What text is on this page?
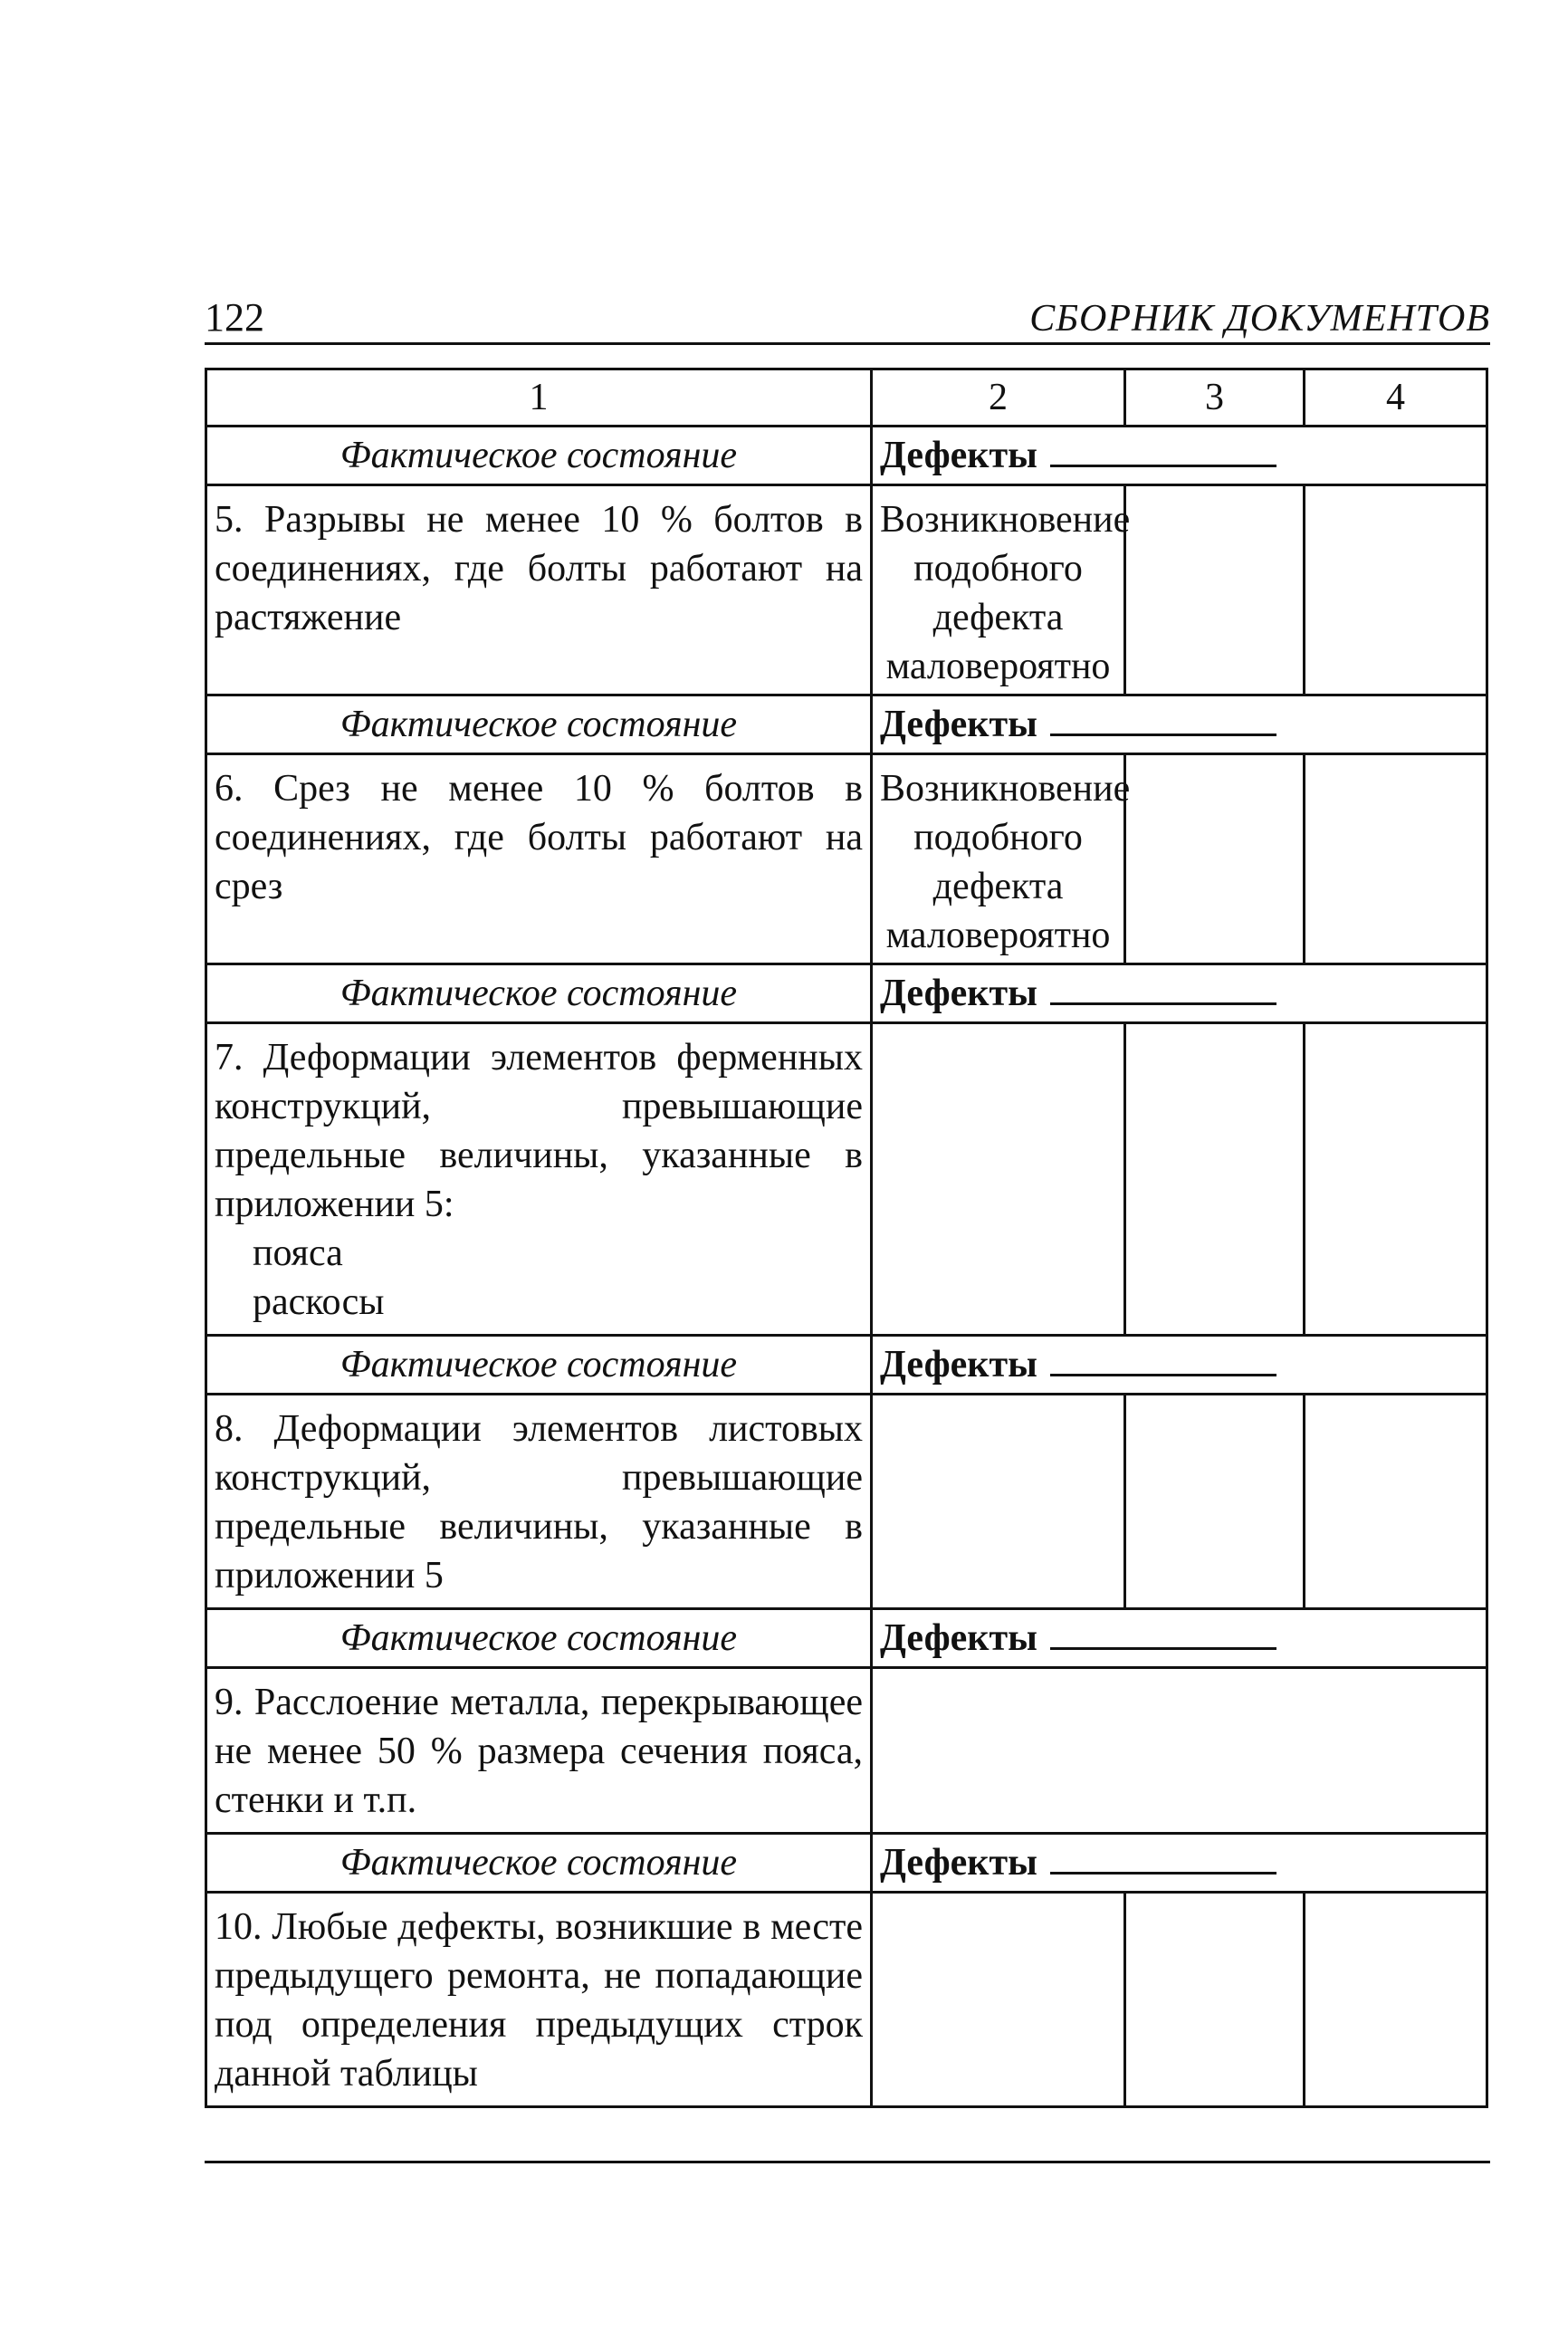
122	СБОРНИК ДОКУМЕНТОВ
1	2	3	4
Фактическое состояние	Дефекты		
5. Разрывы не менее 10 % болтов в соединениях, где болты работают на растяжение	Возникновение подобного дефекта маловероятно		
Фактическое состояние	Дефекты		
6. Срез не менее 10 % болтов в соединениях, где болты работают на срез	Возникновение подобного дефекта маловероятно		
Фактическое состояние	Дефекты		
7. Деформации элементов ферменных конструкций, превышающие предельные величины, указанные в приложении 5:
пояса
раскосы			

Фактическое состояние	Дефекты		
8. Деформации элементов листовых конструкций, превышающие предельные величины, указанные в приложении 5			
Фактическое состояние	Дефекты		
9. Расслоение металла, перекрывающее не менее 50 % размера сечения пояса, стенки и т.п.			
Фактическое состояние	Дефекты		
10. Любые дефекты, возникшие в месте предыдущего ремонта, не попадающие под определения предыдущих строк данной таблицы			
